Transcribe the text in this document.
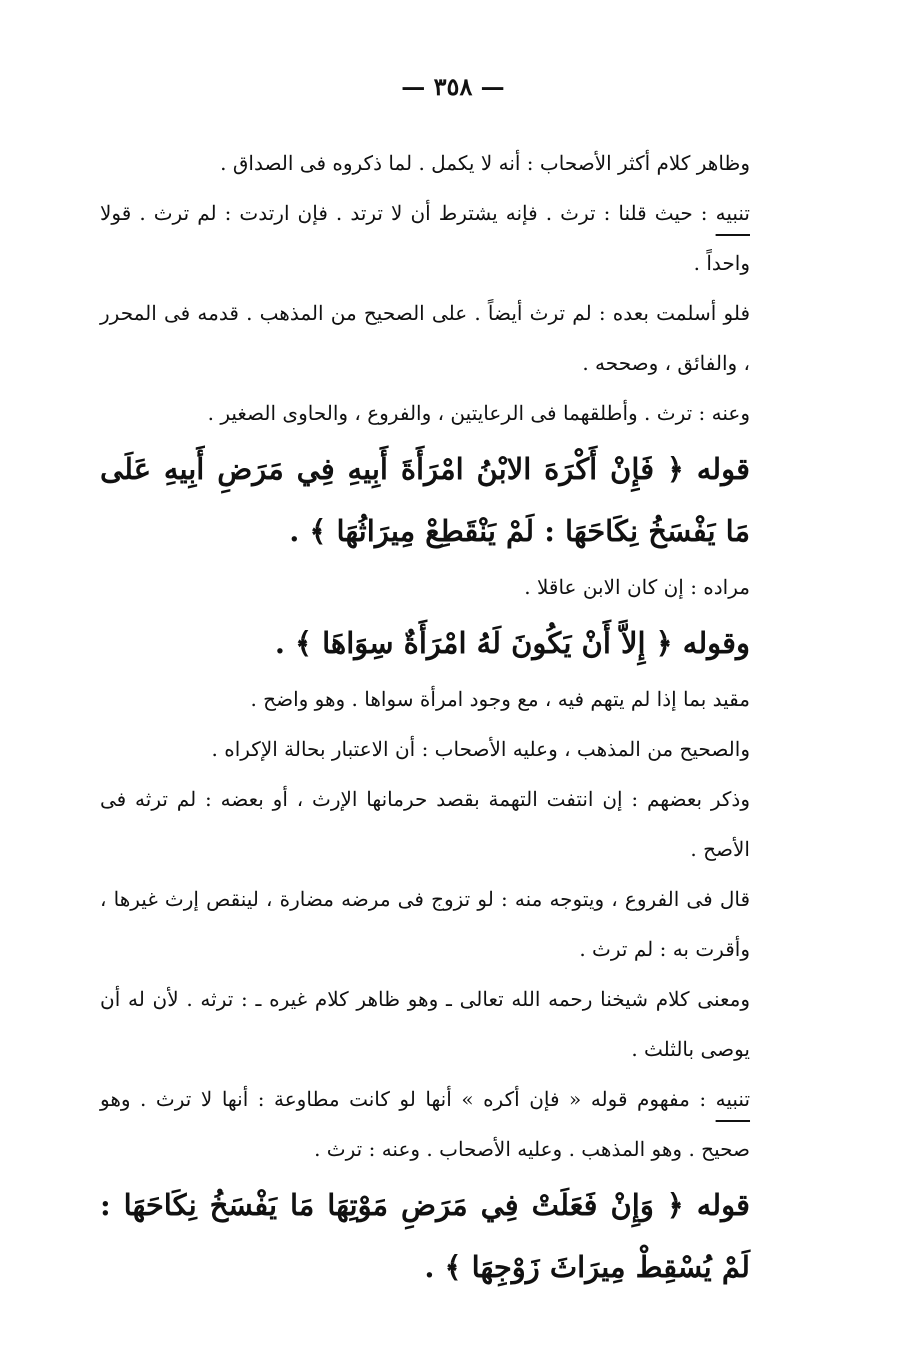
— ٣٥٨ —

وظاهر كلام أكثر الأصحاب : أنه لا يكمل . لما ذكروه فى الصداق .

تنبيه : حيث قلنا : ترث . فإنه يشترط أن لا ترتد . فإن ارتدت : لم ترث . قولا واحداً .

فلو أسلمت بعده : لم ترث أيضاً . على الصحيح من المذهب . قدمه فى المحرر ، والفائق ، وصححه .

وعنه : ترث . وأطلقهما فى الرعايتين ، والفروع ، والحاوى الصغير .

قوله ﴿ فَإِنْ أَكْرَهَ الابْنُ امْرَأَةَ أَبِيهِ فِي مَرَضِ أَبِيهِ عَلَى مَا يَفْسَخُ نِكَاحَهَا : لَمْ يَنْقَطِعْ مِيرَاثُهَا ﴾ .

مراده : إن كان الابن عاقلا .

وقوله ﴿ إِلاَّ أَنْ يَكُونَ لَهُ امْرَأَةٌ سِوَاهَا ﴾ .

مقيد بما إذا لم يتهم فيه ، مع وجود امرأة سواها . وهو واضح .

والصحيح من المذهب ، وعليه الأصحاب : أن الاعتبار بحالة الإكراه .

وذكر بعضهم : إن انتفت التهمة بقصد حرمانها الإرث ، أو بعضه : لم ترثه فى الأصح .

قال فى الفروع ، ويتوجه منه : لو تزوج فى مرضه مضارة ، لينقص إرث غيرها ، وأقرت به : لم ترث .

ومعنى كلام شيخنا رحمه الله تعالى ـ وهو ظاهر كلام غيره ـ : ترثه . لأن له أن يوصى بالثلث .

تنبيه : مفهوم قوله « فإن أكره » أنها لو كانت مطاوعة : أنها لا ترث . وهو صحيح . وهو المذهب . وعليه الأصحاب . وعنه : ترث .

قوله ﴿ وَإِنْ فَعَلَتْ فِي مَرَضِ مَوْتِهَا مَا يَفْسَخُ نِكَاحَهَا : لَمْ يُسْقِطْ مِيرَاثَ زَوْجِهَا ﴾ .
